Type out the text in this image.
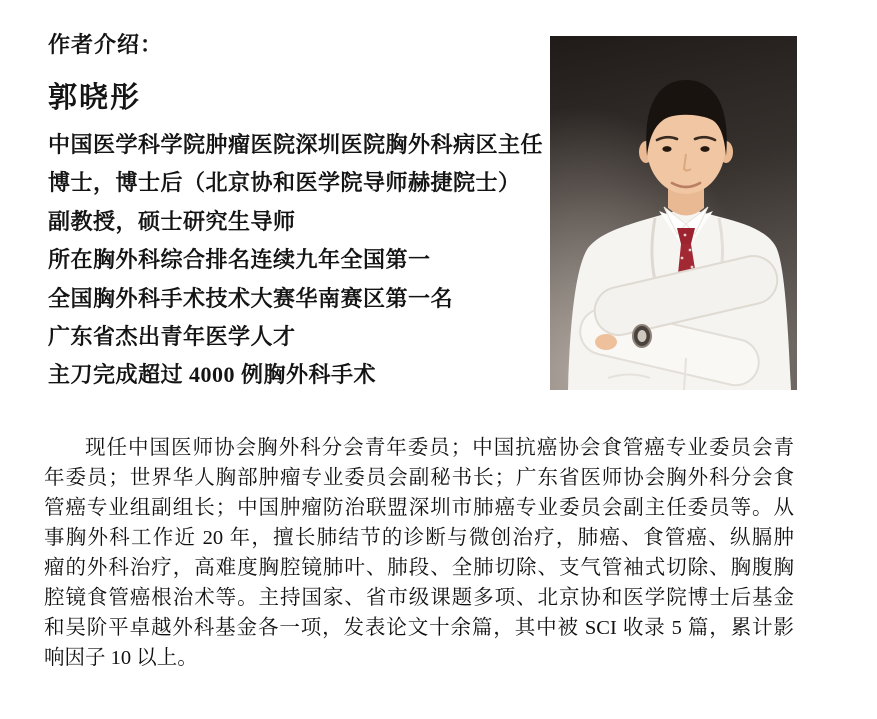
作者介绍：
郭晓彤
中国医学科学院肿瘤医院深圳医院胸外科病区主任
博士，博士后（北京协和医学院导师赫捷院士）
副教授，硕士研究生导师
所在胸外科综合排名连续九年全国第一
全国胸外科手术技术大赛华南赛区第一名
广东省杰出青年医学人才
主刀完成超过 4000 例胸外科手术
现任中国医师协会胸外科分会青年委员；中国抗癌协会食管癌专业委员会青
年委员；世界华人胸部肿瘤专业委员会副秘书长；广东省医师协会胸外科分会食
管癌专业组副组长；中国肿瘤防治联盟深圳市肺癌专业委员会副主任委员等。从
事胸外科工作近 20 年，擅长肺结节的诊断与微创治疗，肺癌、食管癌、纵膈肿
瘤的外科治疗，高难度胸腔镜肺叶、肺段、全肺切除、支气管袖式切除、胸腹胸
腔镜食管癌根治术等。主持国家、省市级课题多项、北京协和医学院博士后基金
和吴阶平卓越外科基金各一项，发表论文十余篇，其中被 SCI 收录 5 篇，累计影
响因子 10 以上。
